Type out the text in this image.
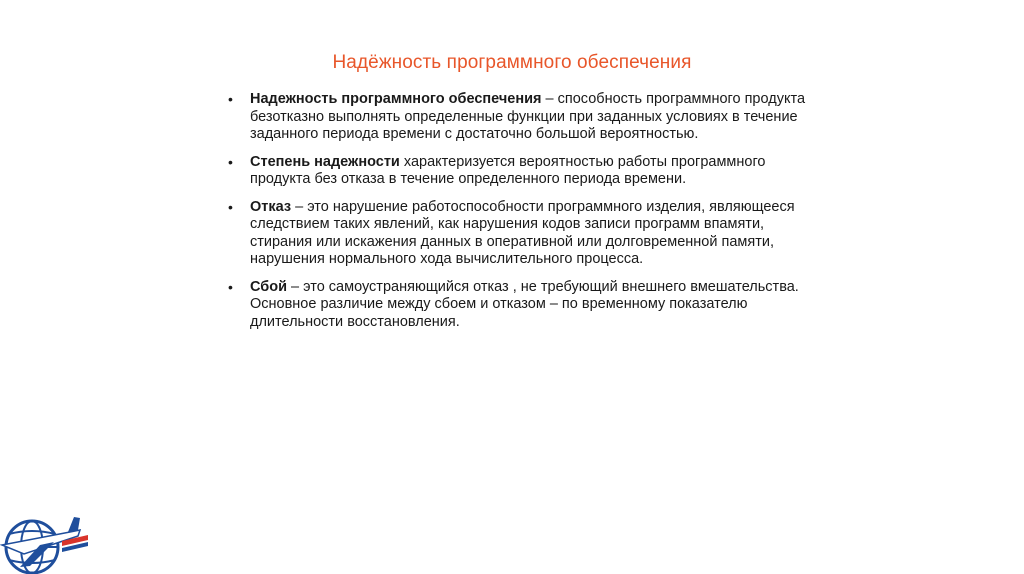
Надёжность программного обеспечения
• Надежность программного обеспечения – способность программного продукта безотказно выполнять определенные функции при заданных условиях в течение заданного периода времени с достаточно большой вероятностью.
• Степень надежности характеризуется вероятностью работы программного продукта без отказа в течение определенного периода времени.
• Отказ – это нарушение работоспособности программного изделия, являющееся следствием таких явлений, как нарушения кодов записи программ впамяти, стирания или искажения данных в оперативной или долговременной памяти, нарушения нормального хода вычислительного процесса.
• Сбой – это самоустраняющийся отказ , не требующий внешнего вмешательства. Основное различие между сбоем и отказом – по временному показателю длительности восстановления.
